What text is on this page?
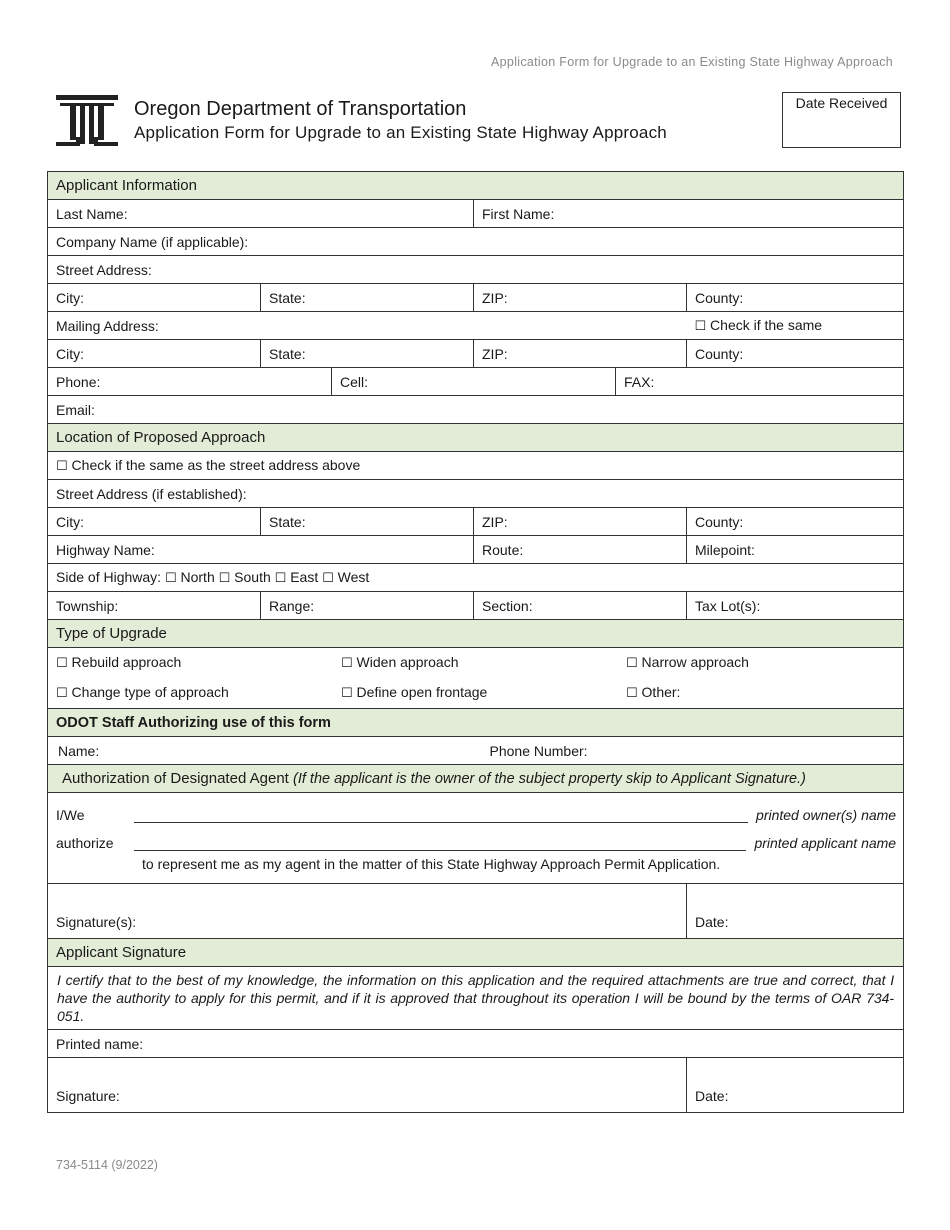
Application Form for Upgrade to an Existing State Highway Approach
Oregon Department of Transportation
Application Form for Upgrade to an Existing State Highway Approach
Date Received
Applicant Information					
Last Name:			First Name:		
Company Name (if applicable):					
Street Address:					
City:	State:		ZIP:		County:
Mailing Address:					☐ Check if the same
City:	State:		ZIP:		County:
Phone:		Cell:		FAX:	
Email:					
Location of Proposed Approach					
☐ Check if the same as the street address above					
Street Address (if established):					
City:	State:		ZIP:		County:
Highway Name:			Route:		Milepoint:
Side of Highway: ☐ North ☐ South ☐ East ☐ West					
Township:	Range:		Section:		Tax Lot(s):
Type of Upgrade					

☐ Rebuild approach ☐ Widen approach ☐ Narrow approach
☐ Change type of approach ☐ Define open frontage ☐ Other:					

ODOT Staff Authorizing use of this form					
Name:			Phone Number:		
Authorization of Designated Agent (If the applicant is the owner of the subject property skip to Applicant Signature.)					

I/We printed owner(s) name
authorize printed applicant name
to represent me as my agent in the matter of this State Highway Approach Permit Application.					

Signature(s):					Date:
Applicant Signature					
I certify that to the best of my knowledge, the information on this application and the required attachments are true and correct, that I have the authority to apply for this permit, and if it is approved that throughout its operation I will be bound by the terms of OAR 734-051.					
Printed name:					
Signature:					Date:
734-5114 (9/2022)
